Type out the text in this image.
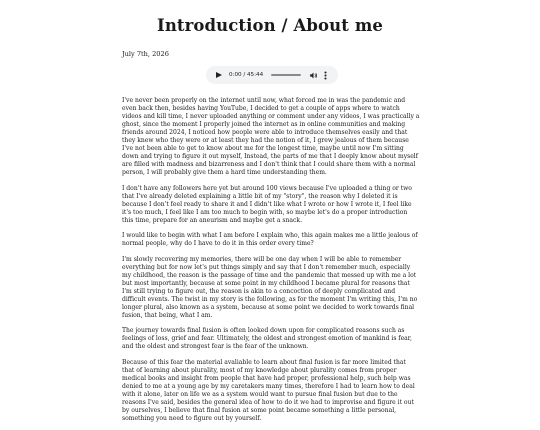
Introduction / About me

July 7th, 2026

0:00 / 45:44

I've never been properly on the internet until now, what forced me in was the pandemic and even back then, besides having YouTube, I decided to get a couple of apps where to watch videos and kill time, I never uploaded anything or comment under any videos, I was practically a ghost, since the moment I properly joined the internet as in online communities and making friends around 2024, I noticed how people were able to introduce themselves easily and that they knew who they were or at least they had the notion of it, I grew jealous of them because I've not been able to get to know about me for the longest time, maybe until now I'm sitting down and trying to figure it out myself, Instead, the parts of me that I deeply know about myself are filled with madness and bizarreness and I don't think that I could share them with a normal person, I will probably give them a hard time understanding them.

I don't have any followers here yet but around 100 views because I've uploaded a thing or two that I've already deleted explaining a little bit of my "story", the reason why I deleted it is because I don't feel ready to share it and I didn't like what I wrote or how I wrote it, I feel like it's too much, I feel like I am too much to begin with, so maybe let's do a proper introduction this time, prepare for an aneurism and maybe get a snack.

I would like to begin with what I am before I explain who, this again makes me a little jealous of normal people, why do I have to do it in this order every time?

I'm slowly recovering my memories, there will be one day when I will be able to remember everything but for now let's put things simply and say that I don't remember much, especially my childhood, the reason is the passage of time and the pandemic that messed up with me a lot but most importantly, because at some point in my childhood I became plural for reasons that I'm still trying to figure out, the reason is akin to a concoction of deeply complicated and difficult events. The twist in my story is the following, as for the moment I'm writing this, I'm no longer plural, also known as a system, because at some point we decided to work towards final fusion, that being, what I am.

The journey towards final fusion is often looked down upon for complicated reasons such as feelings of loss, grief and fear. Ultimately, the oldest and strongest emotion of mankind is fear, and the oldest and strongest fear is the fear of the unknown.

Because of this fear the material avaliable to learn about final fusion is far more limited that that of learning about plurality, most of my knowledge about plurality comes from proper medical books and insight from people that have had proper, professional help, such help was denied to me at a young age by my caretakers many times, therefore I had to learn how to deal with it alone, later on life we as a system would want to pursue final fusion but due to the reasons I've said, besides the general idea of how to do it we had to improvise and figure it out by ourselves, I believe that final fusion at some point became something a little personal, something you need to figure out by yourself.
